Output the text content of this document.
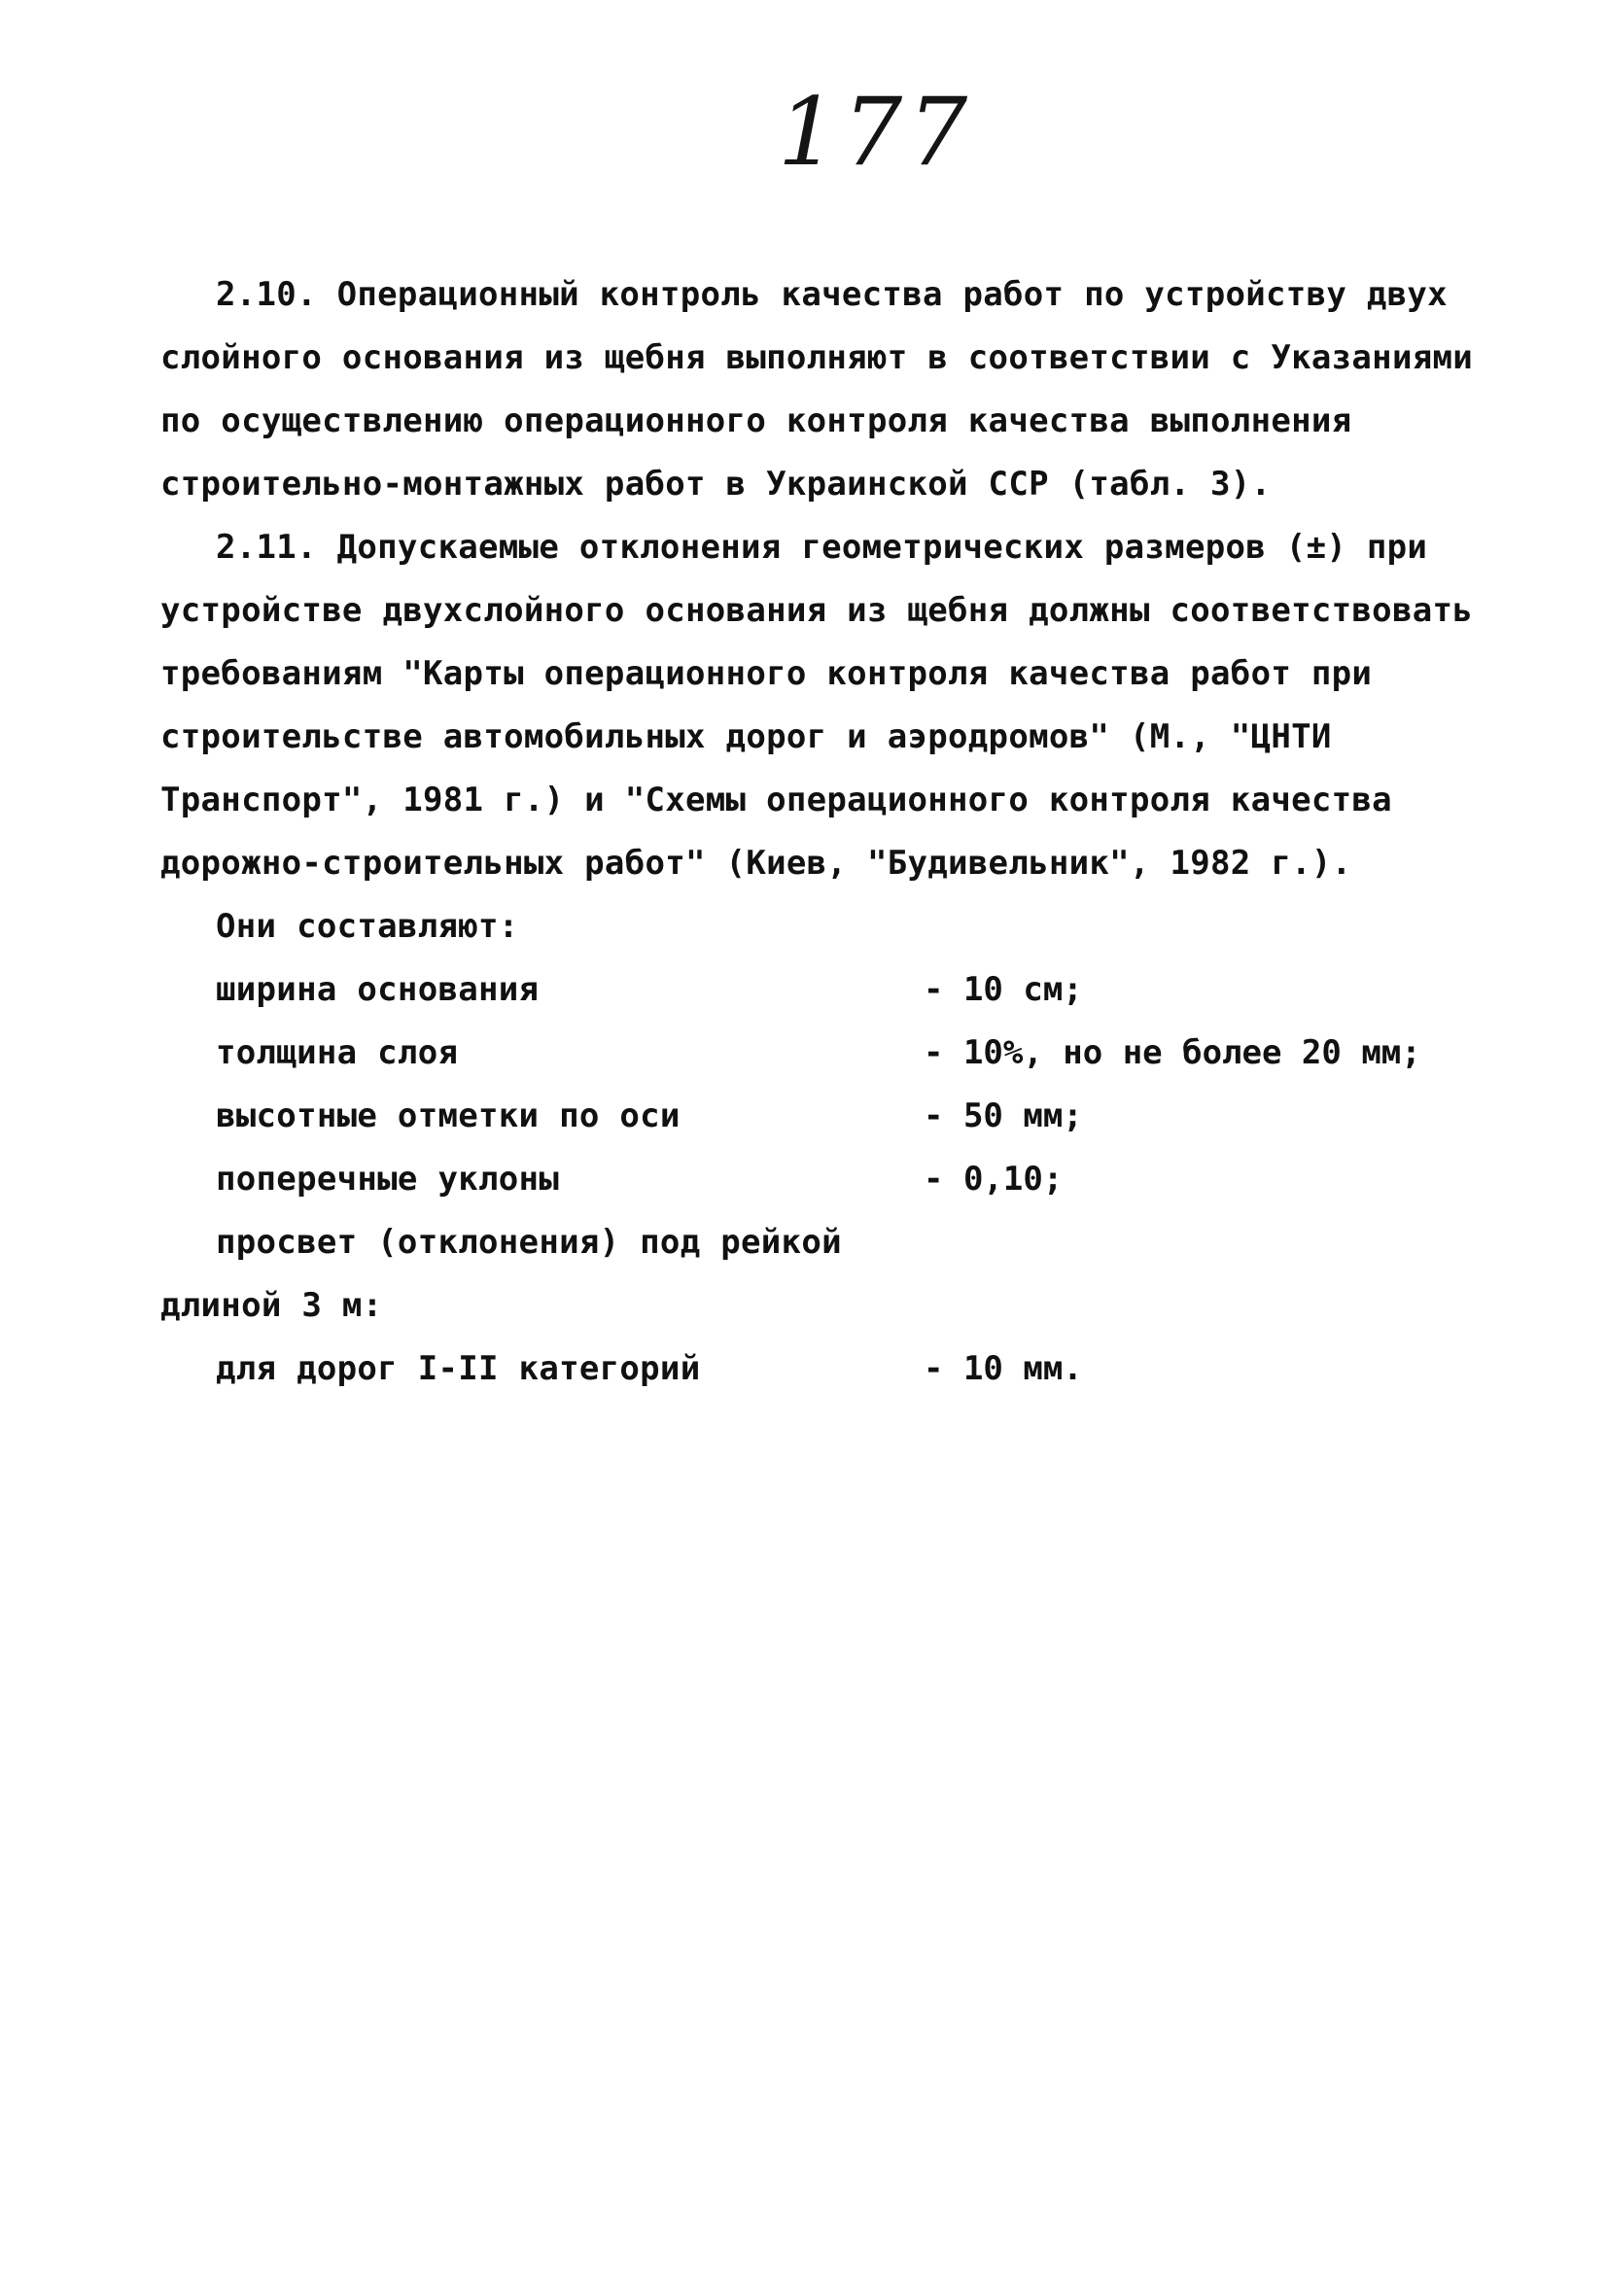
177
2.10. Операционный контроль качества работ по устройству двух
слойного основания из щебня выполняют в соответствии с Указаниями
по осуществлению операционного контроля качества выполнения
строительно-монтажных работ в Украинской ССР (табл. 3).
2.11. Допускаемые отклонения геометрических размеров (±) при
устройстве двухслойного основания из щебня должны соответствовать
требованиям "Карты операционного контроля качества работ при
строительстве автомобильных дорог и аэродромов" (М., "ЦНТИ
Транспорт", 1981 г.) и "Схемы операционного контроля качества
дорожно-строительных работ" (Киев, "Будивельник", 1982 г.).
Они составляют:
ширина основания	- 10 см;
толщина слоя	- 10%, но не более 20 мм;
высотные отметки по оси	- 50 мм;
поперечные уклоны	- 0,10;
просвет (отклонения) под рейкой
длиной 3 м:
для дорог I-II категорий	- 10 мм.
